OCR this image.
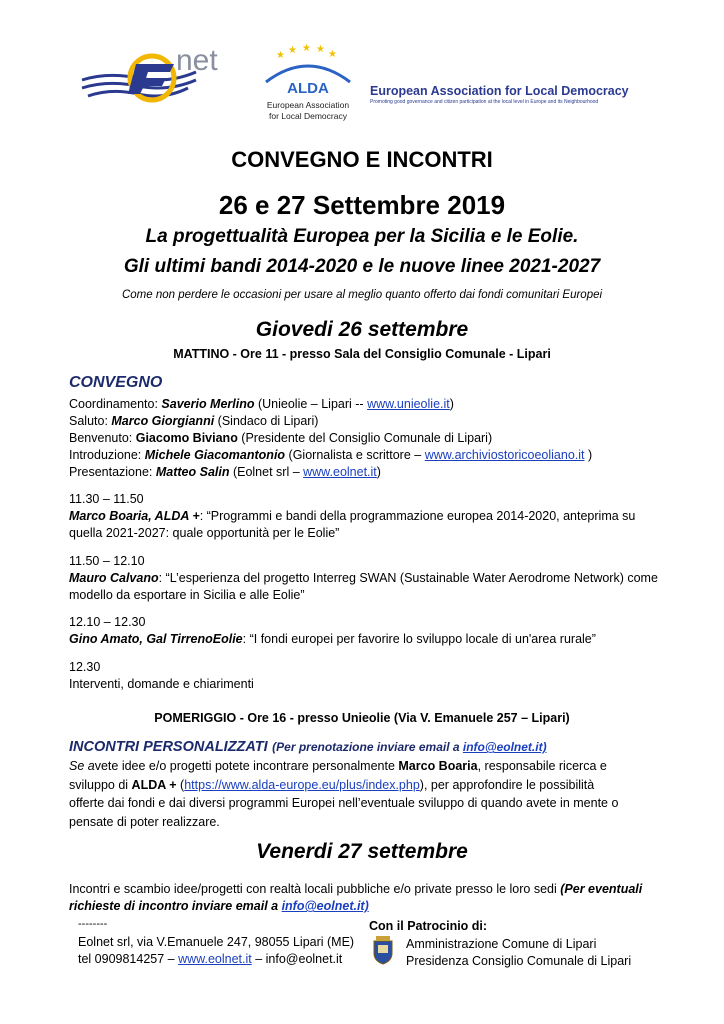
net	★ ★ ★ ★ ★
ALDA
European Association
for Local Democracy
European Association for Local Democracy
Promoting good governance and citizen participation at the local level in Europe and its Neighbourhood
CONVEGNO E INCONTRI
26 e 27 Settembre 2019
La progettualità Europea per la Sicilia e le Eolie.
Gli ultimi bandi 2014-2020 e le nuove linee 2021-2027
Come non perdere le occasioni per usare al meglio quanto offerto dai fondi comunitari Europei
Giovedi 26 settembre
MATTINO - Ore 11 - presso Sala del Consiglio Comunale - Lipari
CONVEGNO
Coordinamento: Saverio Merlino (Unieolie – Lipari -- www.unieolie.it)
Saluto: Marco Giorgianni (Sindaco di Lipari)
Benvenuto: Giacomo Biviano (Presidente del Consiglio Comunale di Lipari)
Introduzione: Michele Giacomantonio (Giornalista e scrittore – www.archiviostoricoeoliano.it )
Presentazione: Matteo Salin (Eolnet srl – www.eolnet.it)
11.30 – 11.50
Marco Boaria, ALDA +: “Programmi e bandi della programmazione europea 2014-2020, anteprima su
quella 2021-2027: quale opportunità per le Eolie”
11.50 – 12.10
Mauro Calvano: “L’esperienza del progetto Interreg SWAN (Sustainable Water Aerodrome Network) come
modello da esportare in Sicilia e alle Eolie”
12.10 – 12.30
Gino Amato, Gal TirrenoEolie: “I fondi europei per favorire lo sviluppo locale di un'area rurale”
12.30
Interventi, domande e chiarimenti
POMERIGGIO - Ore 16 - presso Unieolie (Via V. Emanuele 257 – Lipari)
INCONTRI PERSONALIZZATI (Per prenotazione inviare email a info@eolnet.it)
Se avete idee e/o progetti potete incontrare personalmente Marco Boaria, responsabile ricerca e
sviluppo di ALDA + (https://www.alda-europe.eu/plus/index.php), per approfondire le possibilità
offerte dai fondi e dai diversi programmi Europei nell’eventuale sviluppo di quando avete in mente o
pensate di poter realizzare.
Venerdi 27 settembre
Incontri e scambio idee/progetti con realtà locali pubbliche e/o private presso le loro sedi (Per eventuali
richieste di incontro inviare email a info@eolnet.it)
--------
Eolnet srl, via V.Emanuele 247, 98055 Lipari (ME)
tel 0909814257 – www.eolnet.it – info@eolnet.it
Con il Patrocinio di:
Amministrazione Comune di Lipari
Presidenza Consiglio Comunale di Lipari
